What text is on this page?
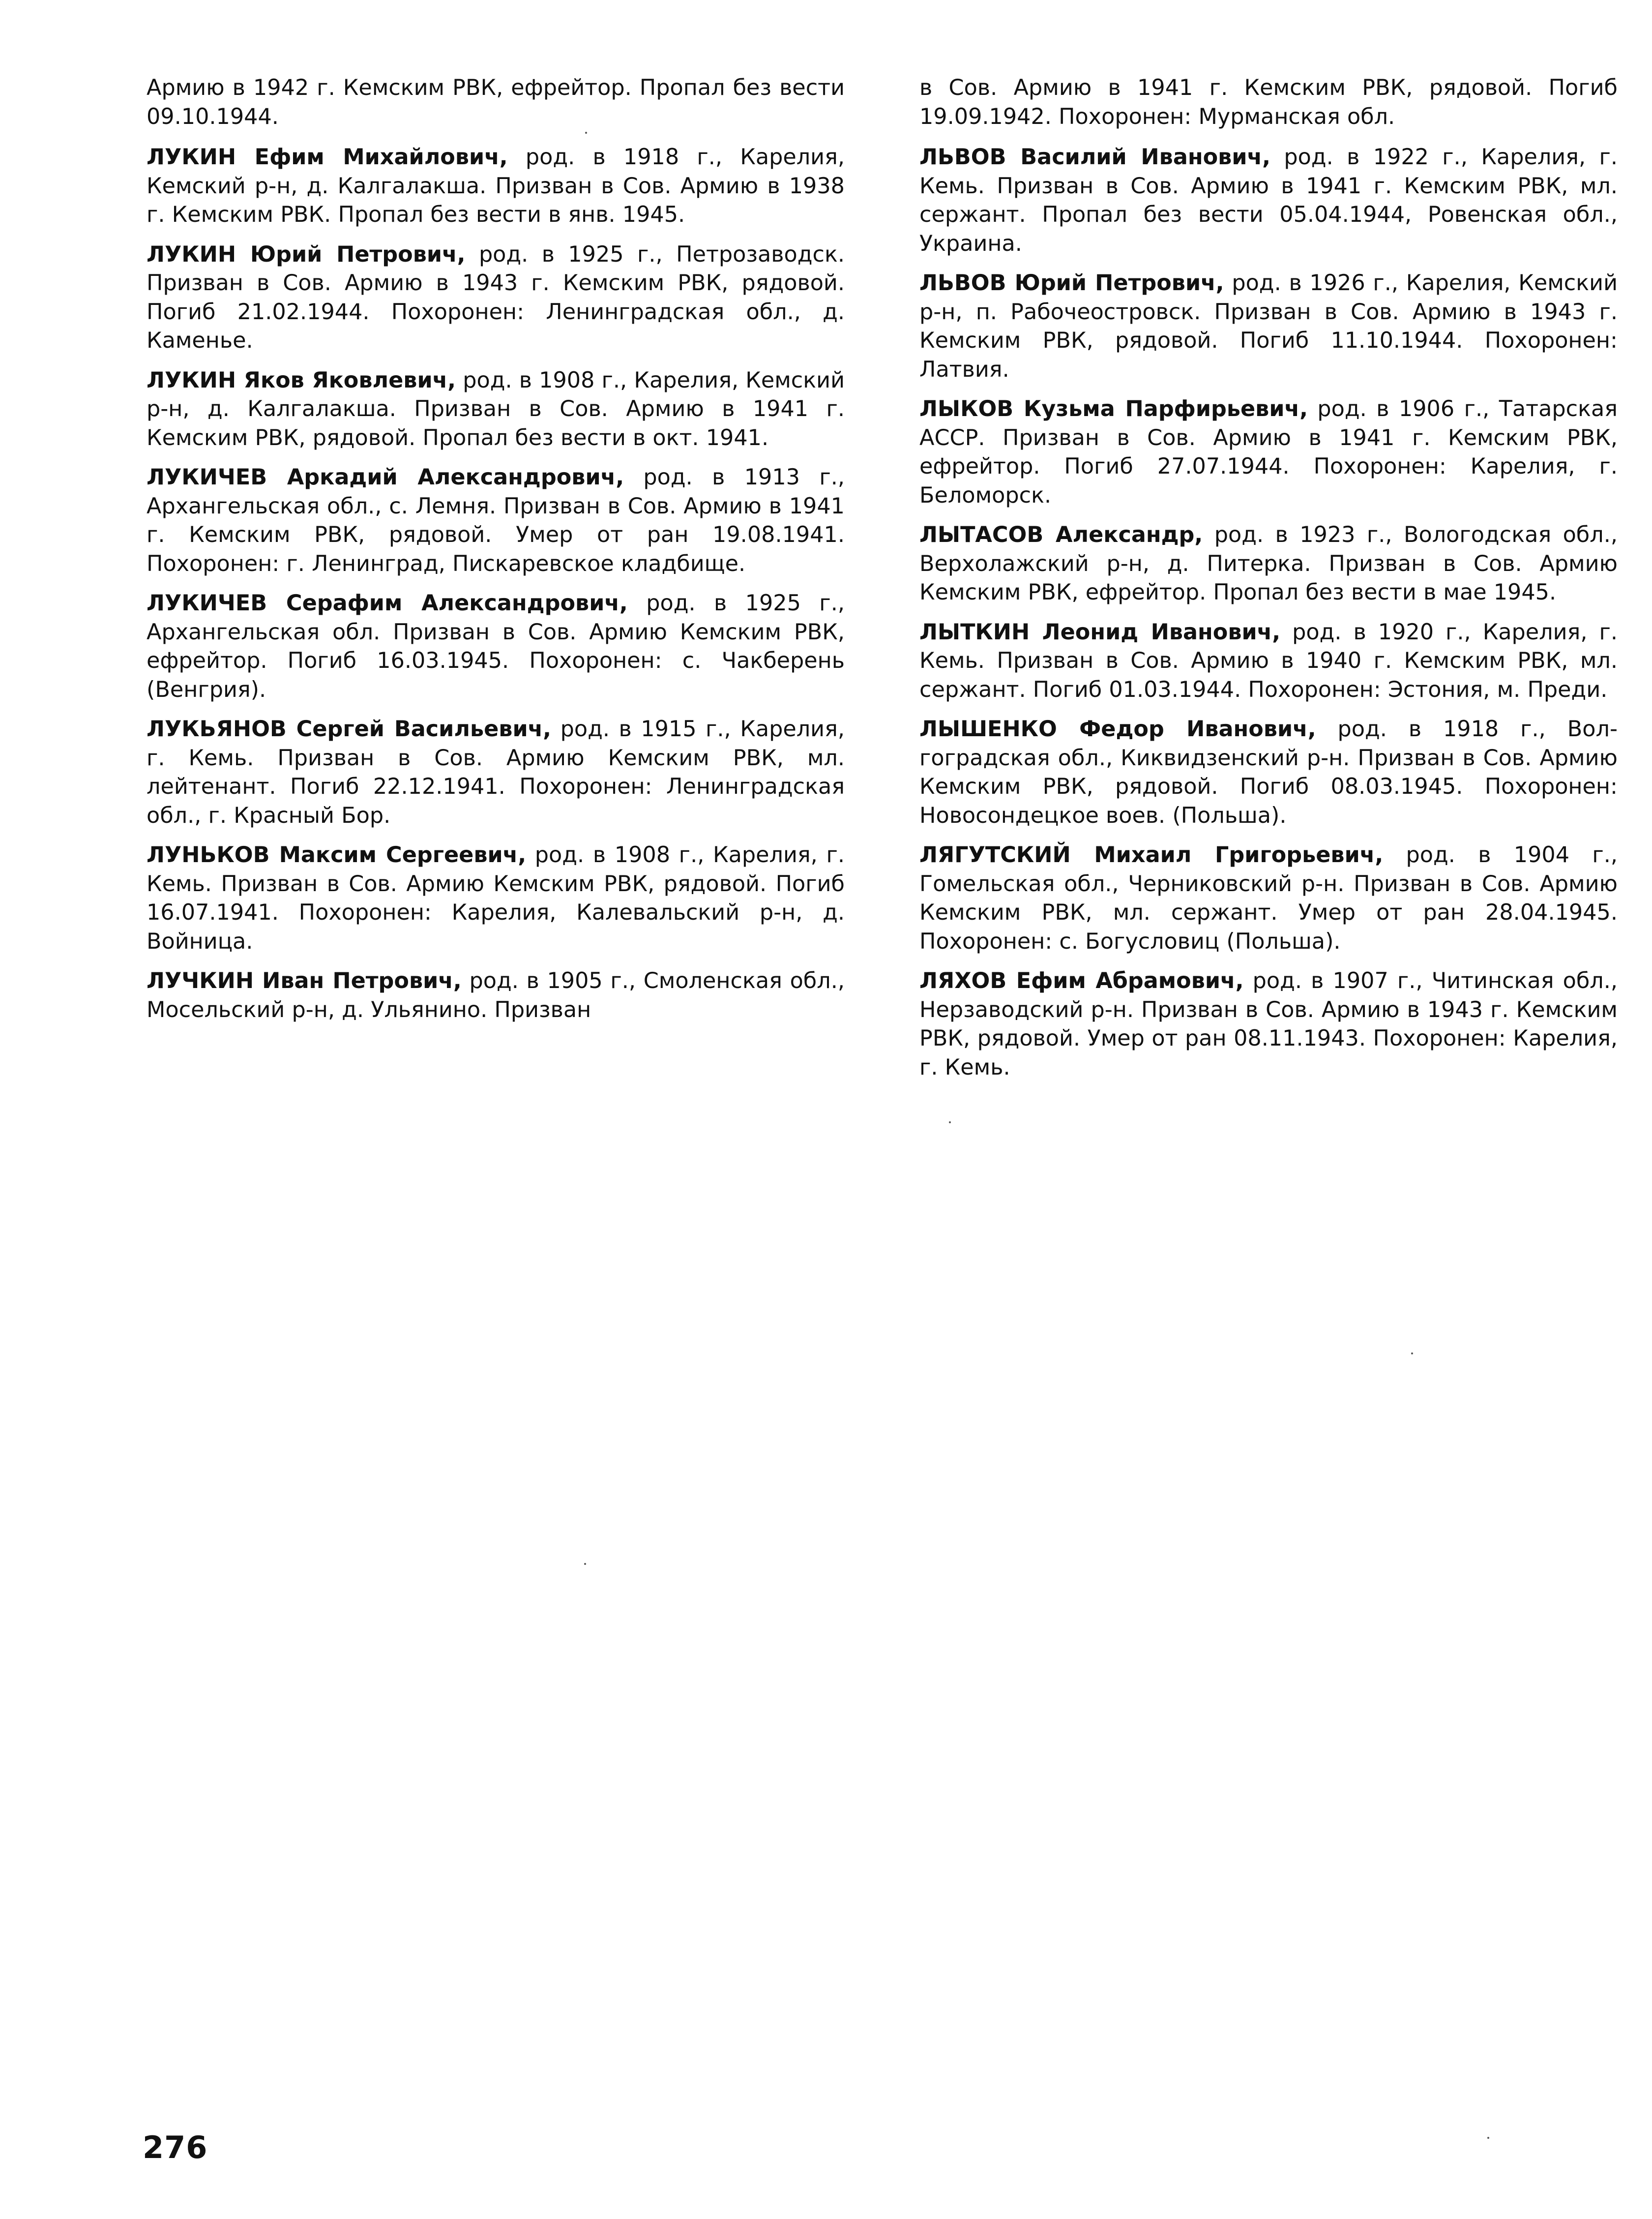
Армию в 1942 г. Кемским РВК, ефрейтор. Пропал без вести 09.10.1944.

ЛУКИН Ефим Михайлович, род. в 1918 г., Карелия, Кемский р-н, д. Калгалакша. Призван в Сов. Армию в 1938 г. Кемским РВК. Пропал без вести в янв. 1945.

ЛУКИН Юрий Петрович, род. в 1925 г., Петрозаводск. Призван в Сов. Армию в 1943 г. Кемским РВК, рядовой. Погиб 21.02.1944. Похоронен: Ленинградская обл., д. Каменье.

ЛУКИН Яков Яковлевич, род. в 1908 г., Карелия, Кемский р-н, д. Калгалакша. Призван в Сов. Армию в 1941 г. Кемским РВК, рядовой. Пропал без вести в окт. 1941.

ЛУКИЧЕВ Аркадий Александрович, род. в 1913 г., Архангельская обл., с. Лемня. Призван в Сов. Армию в 1941 г. Кемским РВК, рядовой. Умер от ран 19.08.1941. Похоронен: г. Ленинград, Пискаревское кладбище.

ЛУКИЧЕВ Серафим Александрович, род. в 1925 г., Архангельская обл. Призван в Сов. Армию Кемским РВК, ефрейтор. Погиб 16.03.1945. Похоронен: с. Чакберень (Венгрия).

ЛУКЬЯНОВ Сергей Васильевич, род. в 1915 г., Карелия, г. Кемь. Призван в Сов. Армию Кемским РВК, мл. лейтенант. Погиб 22.12.1941. Похоронен: Ленинградская обл., г. Красный Бор.

ЛУНЬКОВ Максим Сергеевич, род. в 1908 г., Карелия, г. Кемь. Призван в Сов. Армию Кемским РВК, рядовой. Погиб 16.07.1941. Похоронен: Карелия, Калевальский р-н, д. Войница.

ЛУЧКИН Иван Петрович, род. в 1905 г., Смоленская обл., Мосельский р-н, д. Ульянино. Призван

в Сов. Армию в 1941 г. Кемским РВК, рядовой. Погиб 19.09.1942. Похоронен: Мурманская обл.

ЛЬВОВ Василий Иванович, род. в 1922 г., Карелия, г. Кемь. Призван в Сов. Армию в 1941 г. Кемским РВК, мл. сержант. Пропал без вести 05.04.1944, Ровенская обл., Украина.

ЛЬВОВ Юрий Петрович, род. в 1926 г., Карелия, Кемский р-н, п. Рабочеостровск. Призван в Сов. Армию в 1943 г. Кемским РВК, рядовой. Погиб 11.10.1944. Похоронен: Латвия.

ЛЫКОВ Кузьма Парфирьевич, род. в 1906 г., Татарская АССР. Призван в Сов. Армию в 1941 г. Кемским РВК, ефрейтор. Погиб 27.07.1944. Похоронен: Карелия, г. Беломорск.

ЛЫТАСОВ Александр, род. в 1923 г., Вологодская обл., Верхолажский р-н, д. Питерка. Призван в Сов. Армию Кемским РВК, ефрейтор. Пропал без вести в мае 1945.

ЛЫТКИН Леонид Иванович, род. в 1920 г., Карелия, г. Кемь. Призван в Сов. Армию в 1940 г. Кемским РВК, мл. сержант. Погиб 01.03.1944. Похоронен: Эстония, м. Преди.

ЛЫШЕНКО Федор Иванович, род. в 1918 г., Волгоградская обл., Киквидзенский р-н. Призван в Сов. Армию Кемским РВК, рядовой. Погиб 08.03.1945. Похоронен: Новосондецкое воев. (Польша).

ЛЯГУТСКИЙ Михаил Григорьевич, род. в 1904 г., Гомельская обл., Черниковский р-н. Призван в Сов. Армию Кемским РВК, мл. сержант. Умер от ран 28.04.1945. Похоронен: с. Богусловиц (Польша).

ЛЯХОВ Ефим Абрамович, род. в 1907 г., Читинская обл., Нерзаводский р-н. Призван в Сов. Армию в 1943 г. Кемским РВК, рядовой. Умер от ран 08.11.1943. Похоронен: Карелия, г. Кемь.

276
